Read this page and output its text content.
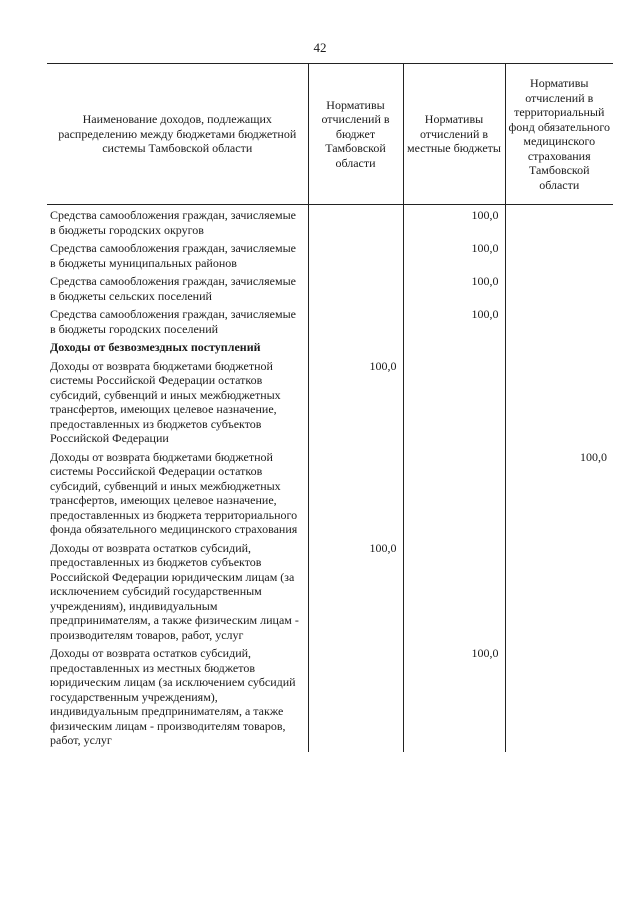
42
Наименование доходов, подлежащих распределению между бюджетами бюджетной системы Тамбовской области	Нормативы отчислений в бюджет Тамбовской области	Нормативы отчислений в местные бюджеты	Нормативы отчислений в территориальный фонд обязательного медицинского страхования Тамбовской области
Средства самообложения граждан, зачисляемые в бюджеты городских округов		100,0	
Средства самообложения граждан, зачисляемые в бюджеты муниципальных районов		100,0	
Средства самообложения граждан, зачисляемые в бюджеты сельских поселений		100,0	
Средства самообложения граждан, зачисляемые в бюджеты городских поселений		100,0	
Доходы от безвозмездных поступлений			
Доходы от возврата бюджетами бюджетной системы Российской Федерации остатков субсидий, субвенций и иных межбюджетных трансфертов, имеющих целевое назначение, предоставленных из бюджетов субъектов Российской Федерации	100,0		
Доходы от возврата бюджетами бюджетной системы Российской Федерации остатков субсидий, субвенций и иных межбюджетных трансфертов, имеющих целевое назначение, предоставленных из бюджета территориального фонда обязательного медицинского страхования			100,0
Доходы от возврата остатков субсидий, предоставленных из бюджетов субъектов Российской Федерации юридическим лицам (за исключением субсидий государственным учреждениям), индивидуальным предпринимателям, а также физическим лицам - производителям товаров, работ, услуг	100,0		
Доходы от возврата остатков субсидий, предоставленных из местных бюджетов юридическим лицам (за исключением субсидий государственным учреждениям), индивидуальным предпринимателям, а также физическим лицам - производителям товаров, работ, услуг		100,0	
